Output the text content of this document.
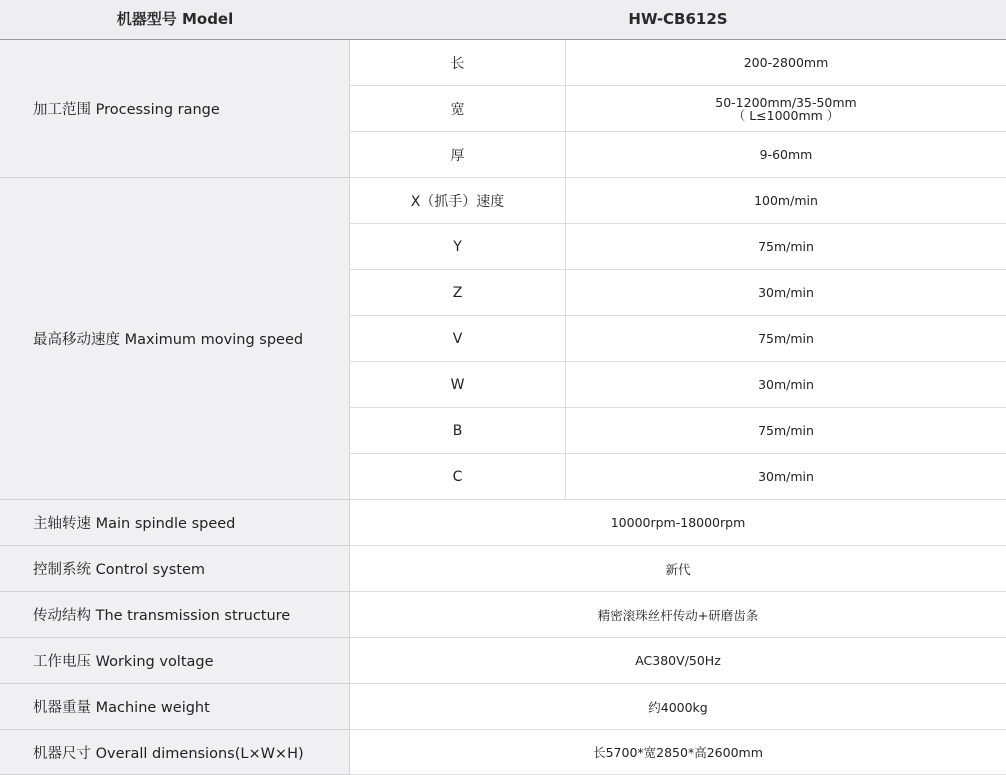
机器型号 Model	HW-CB612S
加工范围 Processing range
长	200-2800mm
宽	50-1200mm/35-50mm
（ L≤1000mm ）
厚	9-60mm
最高移动速度 Maximum moving speed
X（抓手）速度	100m/min
Y	75m/min
Z	30m/min
V	75m/min
W	30m/min
B	75m/min
C	30m/min
主轴转速 Main spindle speed	10000rpm-18000rpm
控制系统 Control system	新代
传动结构 The transmission structure	精密滚珠丝杆传动+研磨齿条
工作电压 Working voltage	AC380V/50Hz
机器重量 Machine weight	约4000kg
机器尺寸 Overall dimensions(L×W×H)	长5700*宽2850*高2600mm
